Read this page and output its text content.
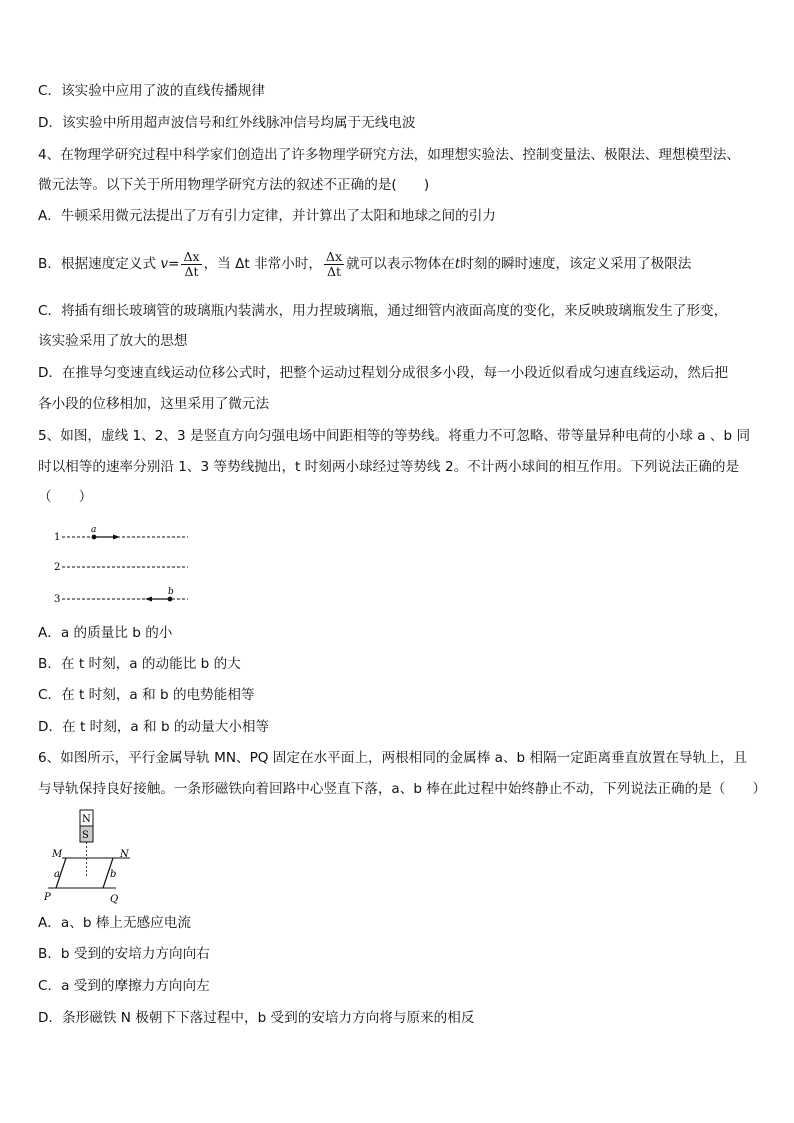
C．该实验中应用了波的直线传播规律
D．该实验中所用超声波信号和红外线脉冲信号均属于无线电波
4、在物理学研究过程中科学家们创造出了许多物理学研究方法，如理想实验法、控制变量法、极限法、理想模型法、
微元法等。以下关于所用物理学研究方法的叙述不正确的是(　　)
A．牛顿采用微元法提出了万有引力定律，并计算出了太阳和地球之间的引力
B．根据速度定义式 $v= \frac{\Delta x}{\Delta t}$ ，当 Δt 非常小时， $\frac{\Delta x}{\Delta t}$ 就可以表示物体在t时刻的瞬时速度，该定义采用了极限法
C．将插有细长玻璃管的玻璃瓶内装满水，用力捏玻璃瓶，通过细管内液面高度的变化，来反映玻璃瓶发生了形变，
该实验采用了放大的思想
D．在推导匀变速直线运动位移公式时，把整个运动过程划分成很多小段，每一小段近似看成匀速直线运动，然后把
各小段的位移相加，这里采用了微元法
5、如图，虚线 1、2、3 是竖直方向匀强电场中间距相等的等势线。将重力不可忽略、带等量异种电荷的小球 a 、b 同
时以相等的速率分别沿 1、3 等势线抛出，t 时刻两小球经过等势线 2。不计两小球间的相互作用。下列说法正确的是
（　　）
1
a
2
3
b
A．a 的质量比 b 的小
B．在 t 时刻，a 的动能比 b 的大
C．在 t 时刻，a 和 b 的电势能相等
D．在 t 时刻，a 和 b 的动量大小相等
6、如图所示，平行金属导轨 MN、PQ 固定在水平面上，两根相同的金属棒 a、b 相隔一定距离垂直放置在导轨上，且
与导轨保持良好接触。一条形磁铁向着回路中心竖直下落，a、b 棒在此过程中始终静止不动，下列说法正确的是（　　）
N
S
M	N
P	Q
a	b
A．a、b 棒上无感应电流
B．b 受到的安培力方向向右
C．a 受到的摩擦力方向向左
D．条形磁铁 N 极朝下下落过程中，b 受到的安培力方向将与原来的相反
